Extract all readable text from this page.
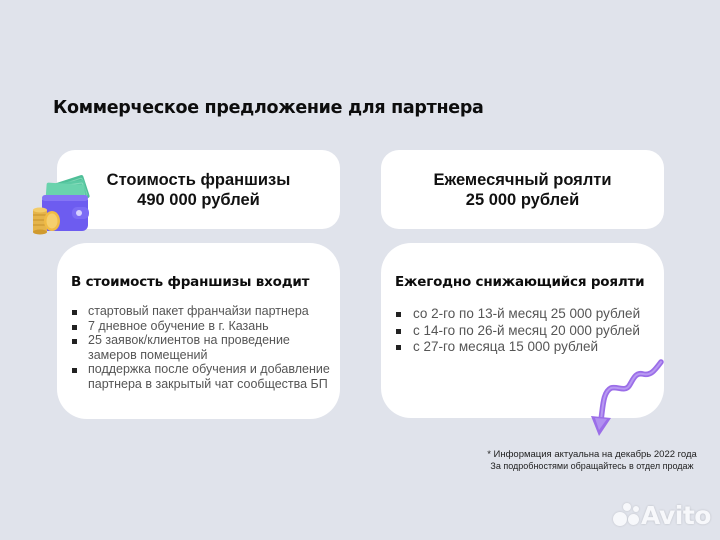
Коммерческое предложение для партнера
Стоимость франшизы
490 000 рублей
Ежемесячный роялти
25 000 рублей
В стоимость франшизы входит
стартовый пакет франчайзи партнера
7 дневное обучение в г. Казань
25 заявок/клиентов на проведение замеров помещений
поддержка после обучения и добавление партнера в закрытый чат сообщества БП
Ежегодно снижающийся роялти
со 2-го по 13-й месяц 25 000 рублей
с 14-го по 26-й месяц 20 000 рублей
с 27-го месяца 15 000 рублей
* Информация актуальна на декабрь 2022 года
За подробностями обращайтесь в отдел продаж
Avito
